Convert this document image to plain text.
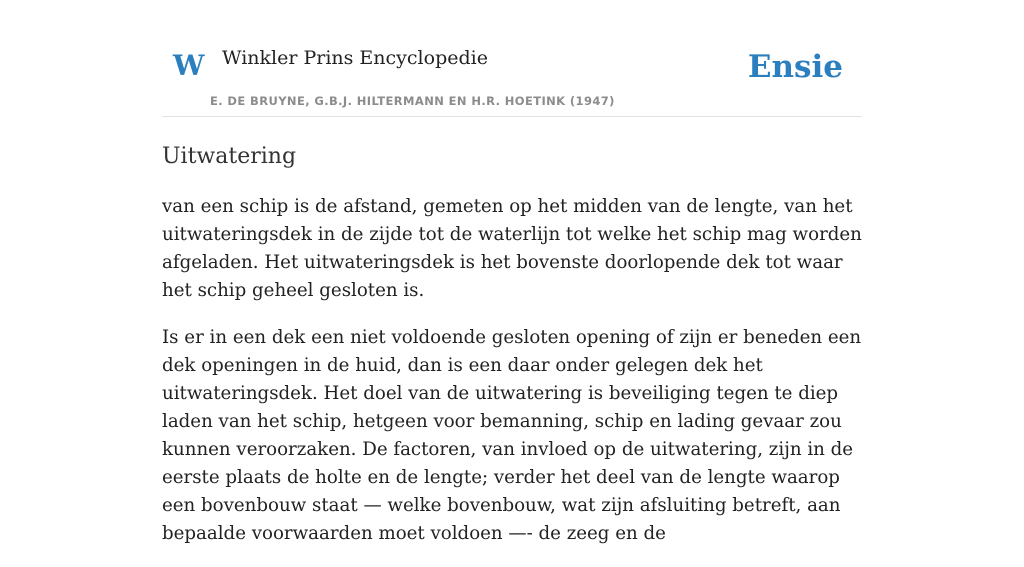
W Winkler Prins Encyclopedie
E. DE BRUYNE, G.B.J. HILTERMANN EN H.R. HOETINK (1947)
Ensie
Uitwatering

van een schip is de afstand, gemeten op het midden van de lengte, van het uitwateringsdek in de zijde tot de waterlijn tot welke het schip mag worden afgeladen. Het uitwateringsdek is het bovenste doorlopende dek tot waar het schip geheel gesloten is.

Is er in een dek een niet voldoende gesloten opening of zijn er beneden een dek openingen in de huid, dan is een daar onder gelegen dek het uitwateringsdek. Het doel van de uitwatering is beveiliging tegen te diep laden van het schip, hetgeen voor bemanning, schip en lading gevaar zou kunnen veroorzaken. De factoren, van invloed op de uitwatering, zijn in de eerste plaats de holte en de lengte; verder het deel van de lengte waarop een bovenbouw staat — welke bovenbouw, wat zijn afsluiting betreft, aan bepaalde voorwaarden moet voldoen —- de zeeg en de
